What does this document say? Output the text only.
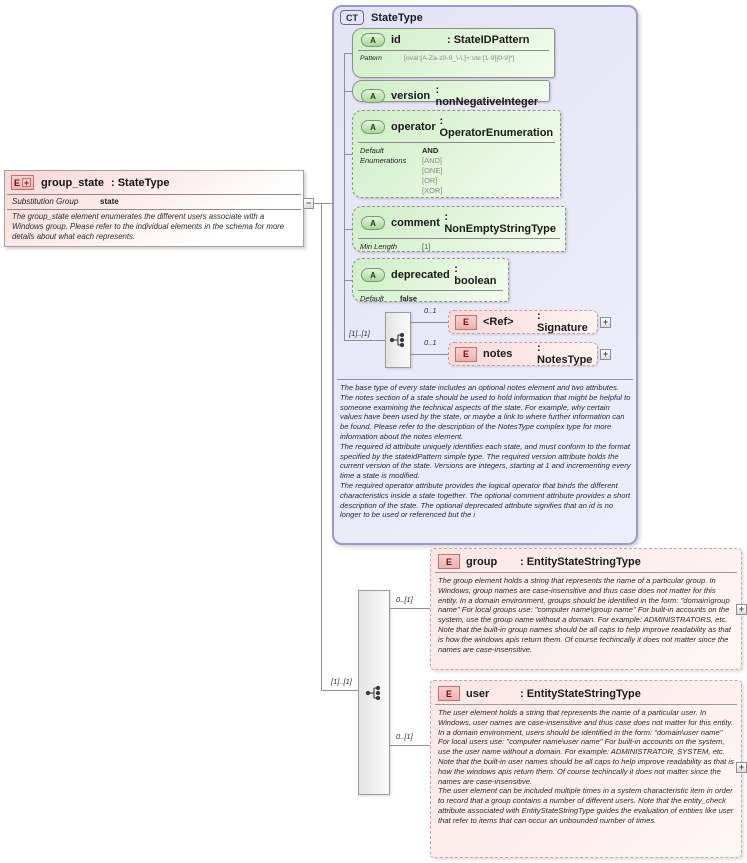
CT	StateType
A	id	: StateIDPattern
Pattern	[oval:[A-Za-z0-9_\-\.]+:ste:[1-9][0-9]*]
A	version : nonNegativeInteger
A	operator : OperatorEnumeration
Default	AND
Enumerations	[AND]
[ONE]
[OR]
[XOR]
A	comment : NonEmptyStringType
Min Length	[1]
A	deprecated : boolean
Default	false
[1]..[1]
0..1
0..1
E	<Ref>	: Signature	+
E	notes	: NotesType	+

The base type of every state includes an optional notes element and two attributes. The notes section of a state should be used to hold information that might be helpful to someone examining the technical aspects of the state. For example, why certain values have been used by the state, or maybe a link to where further information can be found. Please refer to the description of the NotesType complex type for more information about the notes element.

The required id attribute uniquely identifies each state, and must conform to the format specified by the stateidPattern simple type. The required version attribute holds the current version of the state. Versions are integers, starting at 1 and incrementing every time a state is modified.

The required operator attribute provides the logical operator that binds the different characteristics inside a state together. The optional comment attribute provides a short description of the state. The optional deprecated attribute signifies that an id is no longer to be used or referenced but the i

E + group_state : StateType
Substitution Group	state

The group_state element enumerates the different users associate with a Windows group. Please refer to the individual elements in the schema for more details about what each represents.

−
[1]..[1]
0..[1]
0..[1]
E	group	: EntityStateStringType

The group element holds a string that represents the name of a particular group. In Windows, group names are case-insensitive and thus case does not matter for this entity. In a domain environment, groups should be identified in the form: "domain\group name" For local groups use: "computer name\group name" For built-in accounts on the system, use the group name without a domain. For example: ADMINISTRATORS, etc. Note that the built-in group names should be all caps to help improve readability as that is how the windows apis return them. Of course techincally it does not matter since the names are case-insensitive.

+
E	user	: EntityStateStringType

The user element holds a string that represents the name of a particular user. In Windows, user names are case-insensitive and thus case does not matter for this entity. In a domain environment, users should be identified in the form: "domain\user name" For local users use: "computer name\user name" For built-in accounts on the system, use the user name without a domain. For example: ADMINISTRATOR, SYSTEM, etc. Note that the built-in user names should be all caps to help improve readability as that is how the windows apis return them. Of course techincally it does not matter since the names are case-insensitive.

The user element can be included multiple times in a system characteristic item in order to record that a group contains a number of different users. Note that the entity_check attribute associated with EntityStateStringType guides the evaluation of entities like user that refer to items that can occur an unbounded number of times.

+
